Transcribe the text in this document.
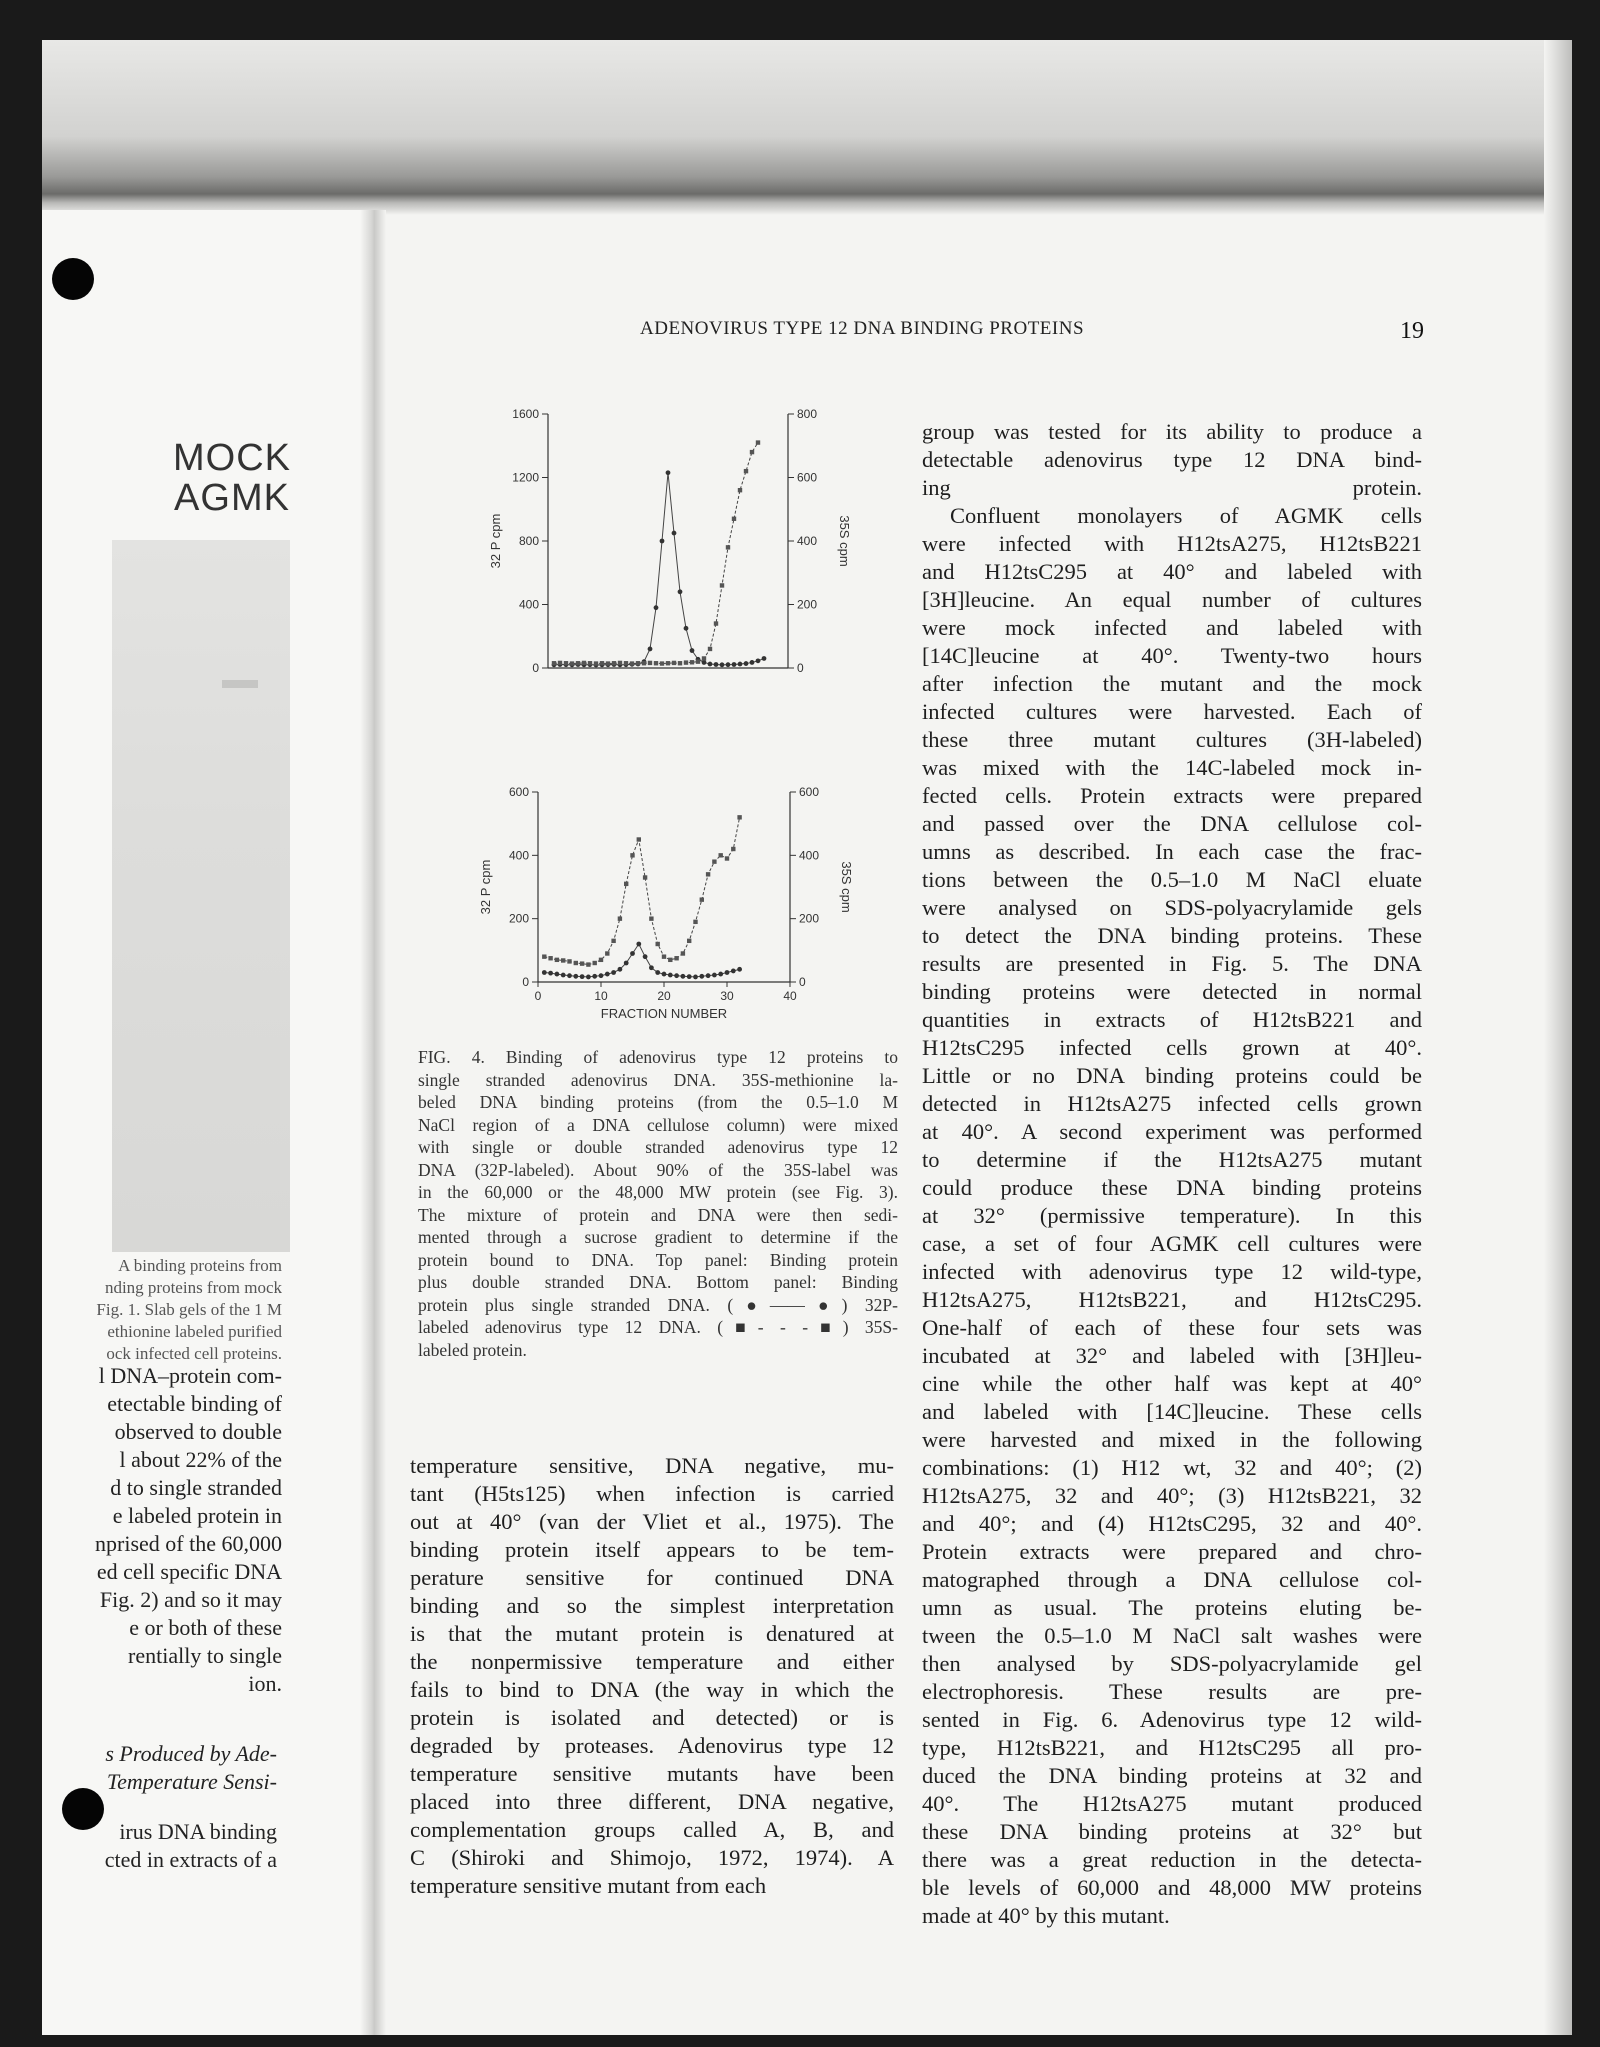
MOCK
AGMK
A binding proteins from
nding proteins from mock
Fig. 1. Slab gels of the 1 M
ethionine labeled purified
ock infected cell proteins.
l DNA–protein com-
etectable binding of
observed to double
l about 22% of the
d to single stranded
e labeled protein in
nprised of the 60,000
ed cell specific DNA
Fig. 2) and so it may
e or both of these
rentially to single
ion.
s Produced by Ade-
Temperature Sensi-
irus DNA binding
cted in extracts of a
ADENOVIRUS TYPE 12 DNA BINDING PROTEINS	19
0
400
800
1200
1600
0
200
400
600
800
32 P cpm	35S cpm
0
200
400
600
0
200
400
600
32 P cpm	35S cpm
0	10	20	30	40
FRACTION NUMBER
FIG. 4. Binding of adenovirus type 12 proteins to
single stranded adenovirus DNA. 35S-methionine la-
beled DNA binding proteins (from the 0.5–1.0 M
NaCl region of a DNA cellulose column) were mixed
with single or double stranded adenovirus type 12
DNA (32P-labeled). About 90% of the 35S-label was
in the 60,000 or the 48,000 MW protein (see Fig. 3).
The mixture of protein and DNA were then sedi-
mented through a sucrose gradient to determine if the
protein bound to DNA. Top panel: Binding protein
plus double stranded DNA. Bottom panel: Binding
protein plus single stranded DNA. (●——●) 32P-
labeled adenovirus type 12 DNA. (■- - -■) 35S-
labeled protein.
temperature sensitive, DNA negative, mu-
tant (H5ts125) when infection is carried
out at 40° (van der Vliet et al., 1975). The
binding protein itself appears to be tem-
perature sensitive for continued DNA
binding and so the simplest interpretation
is that the mutant protein is denatured at
the nonpermissive temperature and either
fails to bind to DNA (the way in which the
protein is isolated and detected) or is
degraded by proteases. Adenovirus type 12
temperature sensitive mutants have been
placed into three different, DNA negative,
complementation groups called A, B, and
C (Shiroki and Shimojo, 1972, 1974). A
temperature sensitive mutant from each
group was tested for its ability to produce a
detectable adenovirus type 12 DNA bind-
ing protein.
Confluent monolayers of AGMK cells
were infected with H12tsA275, H12tsB221
and H12tsC295 at 40° and labeled with
[3H]leucine. An equal number of cultures
were mock infected and labeled with
[14C]leucine at 40°. Twenty-two hours
after infection the mutant and the mock
infected cultures were harvested. Each of
these three mutant cultures (3H-labeled)
was mixed with the 14C-labeled mock in-
fected cells. Protein extracts were prepared
and passed over the DNA cellulose col-
umns as described. In each case the frac-
tions between the 0.5–1.0 M NaCl eluate
were analysed on SDS-polyacrylamide gels
to detect the DNA binding proteins. These
results are presented in Fig. 5. The DNA
binding proteins were detected in normal
quantities in extracts of H12tsB221 and
H12tsC295 infected cells grown at 40°.
Little or no DNA binding proteins could be
detected in H12tsA275 infected cells grown
at 40°. A second experiment was performed
to determine if the H12tsA275 mutant
could produce these DNA binding proteins
at 32° (permissive temperature). In this
case, a set of four AGMK cell cultures were
infected with adenovirus type 12 wild-type,
H12tsA275, H12tsB221, and H12tsC295.
One-half of each of these four sets was
incubated at 32° and labeled with [3H]leu-
cine while the other half was kept at 40°
and labeled with [14C]leucine. These cells
were harvested and mixed in the following
combinations: (1) H12 wt, 32 and 40°; (2)
H12tsA275, 32 and 40°; (3) H12tsB221, 32
and 40°; and (4) H12tsC295, 32 and 40°.
Protein extracts were prepared and chro-
matographed through a DNA cellulose col-
umn as usual. The proteins eluting be-
tween the 0.5–1.0 M NaCl salt washes were
then analysed by SDS-polyacrylamide gel
electrophoresis. These results are pre-
sented in Fig. 6. Adenovirus type 12 wild-
type, H12tsB221, and H12tsC295 all pro-
duced the DNA binding proteins at 32 and
40°. The H12tsA275 mutant produced
these DNA binding proteins at 32° but
there was a great reduction in the detecta-
ble levels of 60,000 and 48,000 MW proteins
made at 40° by this mutant.
